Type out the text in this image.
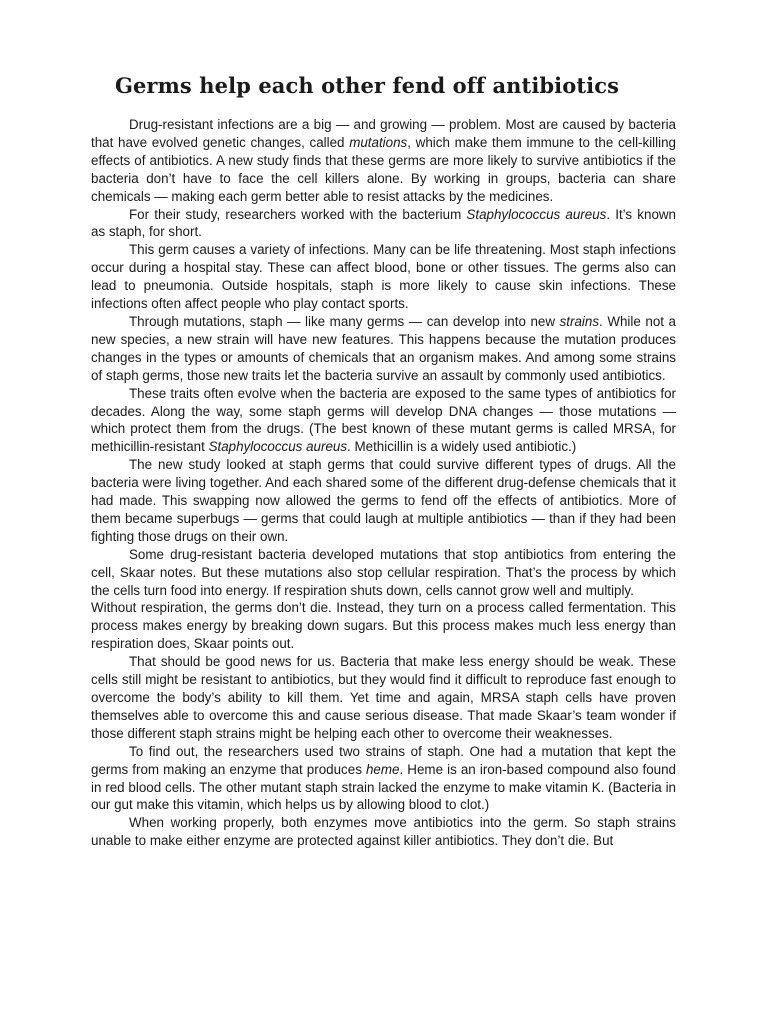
Germs help each other fend off antibiotics

Drug-resistant infections are a big — and growing — problem. Most are caused by bacteria that have evolved genetic changes, called mutations, which make them immune to the cell-killing effects of antibiotics. A new study finds that these germs are more likely to survive antibiotics if the bacteria don’t have to face the cell killers alone. By working in groups, bacteria can share chemicals — making each germ better able to resist attacks by the medicines.

For their study, researchers worked with the bacterium Staphylococcus aureus. It’s known as staph, for short.

This germ causes a variety of infections. Many can be life threatening. Most staph infections occur during a hospital stay. These can affect blood, bone or other tissues. The germs also can lead to pneumonia. Outside hospitals, staph is more likely to cause skin infections. These infections often affect people who play contact sports.

Through mutations, staph — like many germs — can develop into new strains. While not a new species, a new strain will have new features. This happens because the mutation produces changes in the types or amounts of chemicals that an organism makes. And among some strains of staph germs, those new traits let the bacteria survive an assault by commonly used antibiotics.

These traits often evolve when the bacteria are exposed to the same types of antibiotics for decades. Along the way, some staph germs will develop DNA changes — those mutations — which protect them from the drugs. (The best known of these mutant germs is called MRSA, for methicillin-resistant Staphylococcus aureus. Methicillin is a widely used antibiotic.)

The new study looked at staph germs that could survive different types of drugs. All the bacteria were living together. And each shared some of the different drug-defense chemicals that it had made. This swapping now allowed the germs to fend off the effects of antibiotics. More of them became superbugs — germs that could laugh at multiple antibiotics — than if they had been fighting those drugs on their own.

Some drug-resistant bacteria developed mutations that stop antibiotics from entering the cell, Skaar notes. But these mutations also stop cellular respiration. That’s the process by which the cells turn food into energy. If respiration shuts down, cells cannot grow well and multiply.

Without respiration, the germs don’t die. Instead, they turn on a process called fermentation. This process makes energy by breaking down sugars. But this process makes much less energy than respiration does, Skaar points out.

That should be good news for us. Bacteria that make less energy should be weak. These cells still might be resistant to antibiotics, but they would find it difficult to reproduce fast enough to overcome the body’s ability to kill them. Yet time and again, MRSA staph cells have proven themselves able to overcome this and cause serious disease. That made Skaar’s team wonder if those different staph strains might be helping each other to overcome their weaknesses.

To find out, the researchers used two strains of staph. One had a mutation that kept the germs from making an enzyme that produces heme. Heme is an iron-based compound also found in red blood cells. The other mutant staph strain lacked the enzyme to make vitamin K. (Bacteria in our gut make this vitamin, which helps us by allowing blood to clot.)

When working properly, both enzymes move antibiotics into the germ. So staph strains unable to make either enzyme are protected against killer antibiotics. They don’t die. But
